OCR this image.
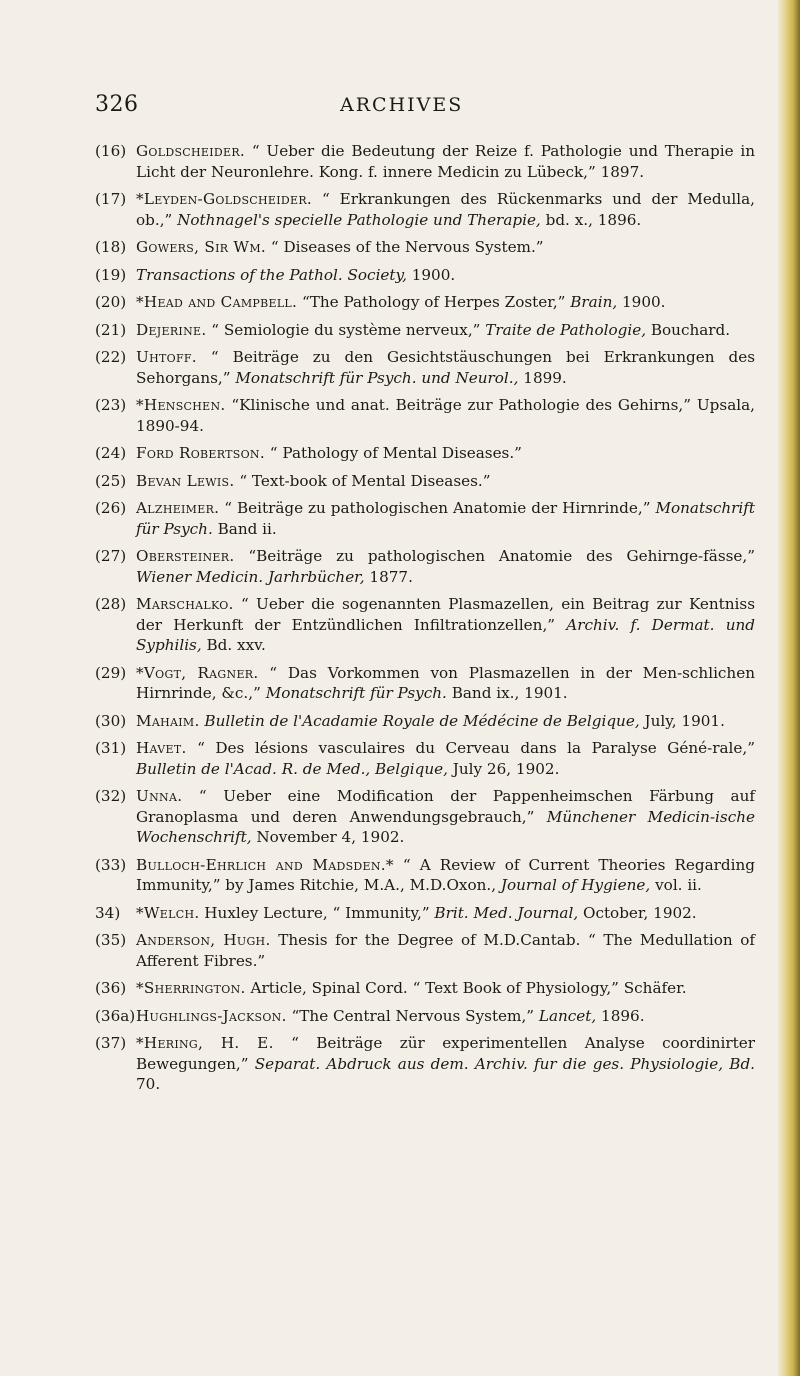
326	ARCHIVES
(16) Goldscheider. “ Ueber die Bedeutung der Reize f. Pathologie und Therapie in Licht der Neuronlehre. Kong. f. innere Medicin zu Lübeck,” 1897.
(17) *Leyden-Goldscheider. “ Erkrankungen des Rückenmarks und der Medulla, ob.,” Nothnagel's specielle Pathologie und Therapie, bd. x., 1896.
(18) Gowers, Sir Wm. “ Diseases of the Nervous System.”
(19) Transactions of the Pathol. Society, 1900.
(20) *Head and Campbell. “The Pathology of Herpes Zoster,” Brain, 1900.
(21) Dejerine. “ Semiologie du système nerveux,” Traite de Pathologie, Bouchard.
(22) Uhtoff. “ Beiträge zu den Gesichtstäuschungen bei Erkrankungen des Sehorgans,” Monatschrift für Psych. und Neurol., 1899.
(23) *Henschen. “Klinische und anat. Beiträge zur Pathologie des Gehirns,” Upsala, 1890-94.
(24) Ford Robertson. “ Pathology of Mental Diseases.”
(25) Bevan Lewis. “ Text-book of Mental Diseases.”
(26) Alzheimer. “ Beiträge zu pathologischen Anatomie der Hirnrinde,” Monatschrift für Psych. Band ii.
(27) Obersteiner. “Beiträge zu pathologischen Anatomie des Gehirnge-fässe,” Wiener Medicin. Jarhrbücher, 1877.
(28) Marschalko. “ Ueber die sogenannten Plasmazellen, ein Beitrag zur Kentniss der Herkunft der Entzündlichen Infiltrationzellen,” Archiv. f. Dermat. und Syphilis, Bd. xxv.
(29) *Vogt, Ragner. “ Das Vorkommen von Plasmazellen in der Men-schlichen Hirnrinde, &c.,” Monatschrift für Psych. Band ix., 1901.
(30) Mahaim. Bulletin de l'Acadamie Royale de Médécine de Belgique, July, 1901.
(31) Havet. “ Des lésions vasculaires du Cerveau dans la Paralyse Géné-rale,” Bulletin de l'Acad. R. de Med., Belgique, July 26, 1902.
(32) Unna. “ Ueber eine Modification der Pappenheimschen Färbung auf Granoplasma und deren Anwendungsgebrauch,” Münchener Medicin-ische Wochenschrift, November 4, 1902.
(33) Bulloch-Ehrlich and Madsden.* “ A Review of Current Theories Regarding Immunity,” by James Ritchie, M.A., M.D.Oxon., Journal of Hygiene, vol. ii.
34) *Welch. Huxley Lecture, “ Immunity,” Brit. Med. Journal, October, 1902.
(35) Anderson, Hugh. Thesis for the Degree of M.D.Cantab. “ The Medullation of Afferent Fibres.”
(36) *Sherrington. Article, Spinal Cord. “ Text Book of Physiology,” Schäfer.
(36a) Hughlings-Jackson. “The Central Nervous System,” Lancet, 1896.
(37) *Hering, H. E. “ Beiträge zür experimentellen Analyse coordinirter Bewegungen,” Separat. Abdruck aus dem. Archiv. fur die ges. Physiologie, Bd. 70.
